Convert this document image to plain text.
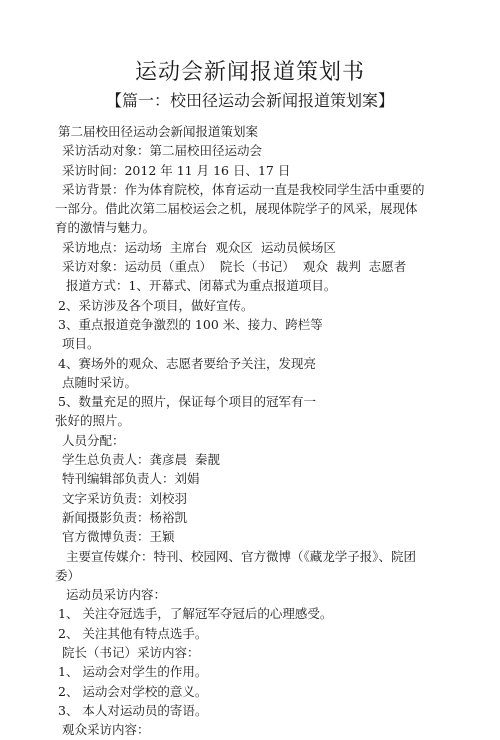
运动会新闻报道策划书
【篇一：校田径运动会新闻报道策划案】
第二届校田径运动会新闻报道策划案
采访活动对象：第二届校田径运动会
采访时间：2012 年 11 月 16 日、17 日
采访背景：作为体育院校，体育运动一直是我校同学生活中重要的
一部分。借此次第二届校运会之机，展现体院学子的风采，展现体
育的激情与魅力。
采访地点：运动场  主席台  观众区  运动员候场区
采访对象：运动员（重点）  院长（书记）  观众  裁判  志愿者
报道方式：1、开幕式、闭幕式为重点报道项目。
2、采访涉及各个项目，做好宣传。
3、重点报道竞争激烈的 100 米、接力、跨栏等
项目。
4、赛场外的观众、志愿者要给予关注，发现亮
点随时采访。
5、数量充足的照片，保证每个项目的冠军有一
张好的照片。
人员分配：
学生总负责人：龚彦晨  秦靓
特刊编辑部负责人：刘娟
文字采访负责：刘校羽
新闻摄影负责：杨裕凯
官方微博负责：王颖
主要宣传媒介：特刊、校园网、官方微博（《藏龙学子报》、院团
委）
运动员采访内容：
1、 关注夺冠选手，了解冠军夺冠后的心理感受。
2、 关注其他有特点选手。
院长（书记）采访内容：
1、 运动会对学生的作用。
2、 运动会对学校的意义。
3、 本人对运动员的寄语。
观众采访内容：
